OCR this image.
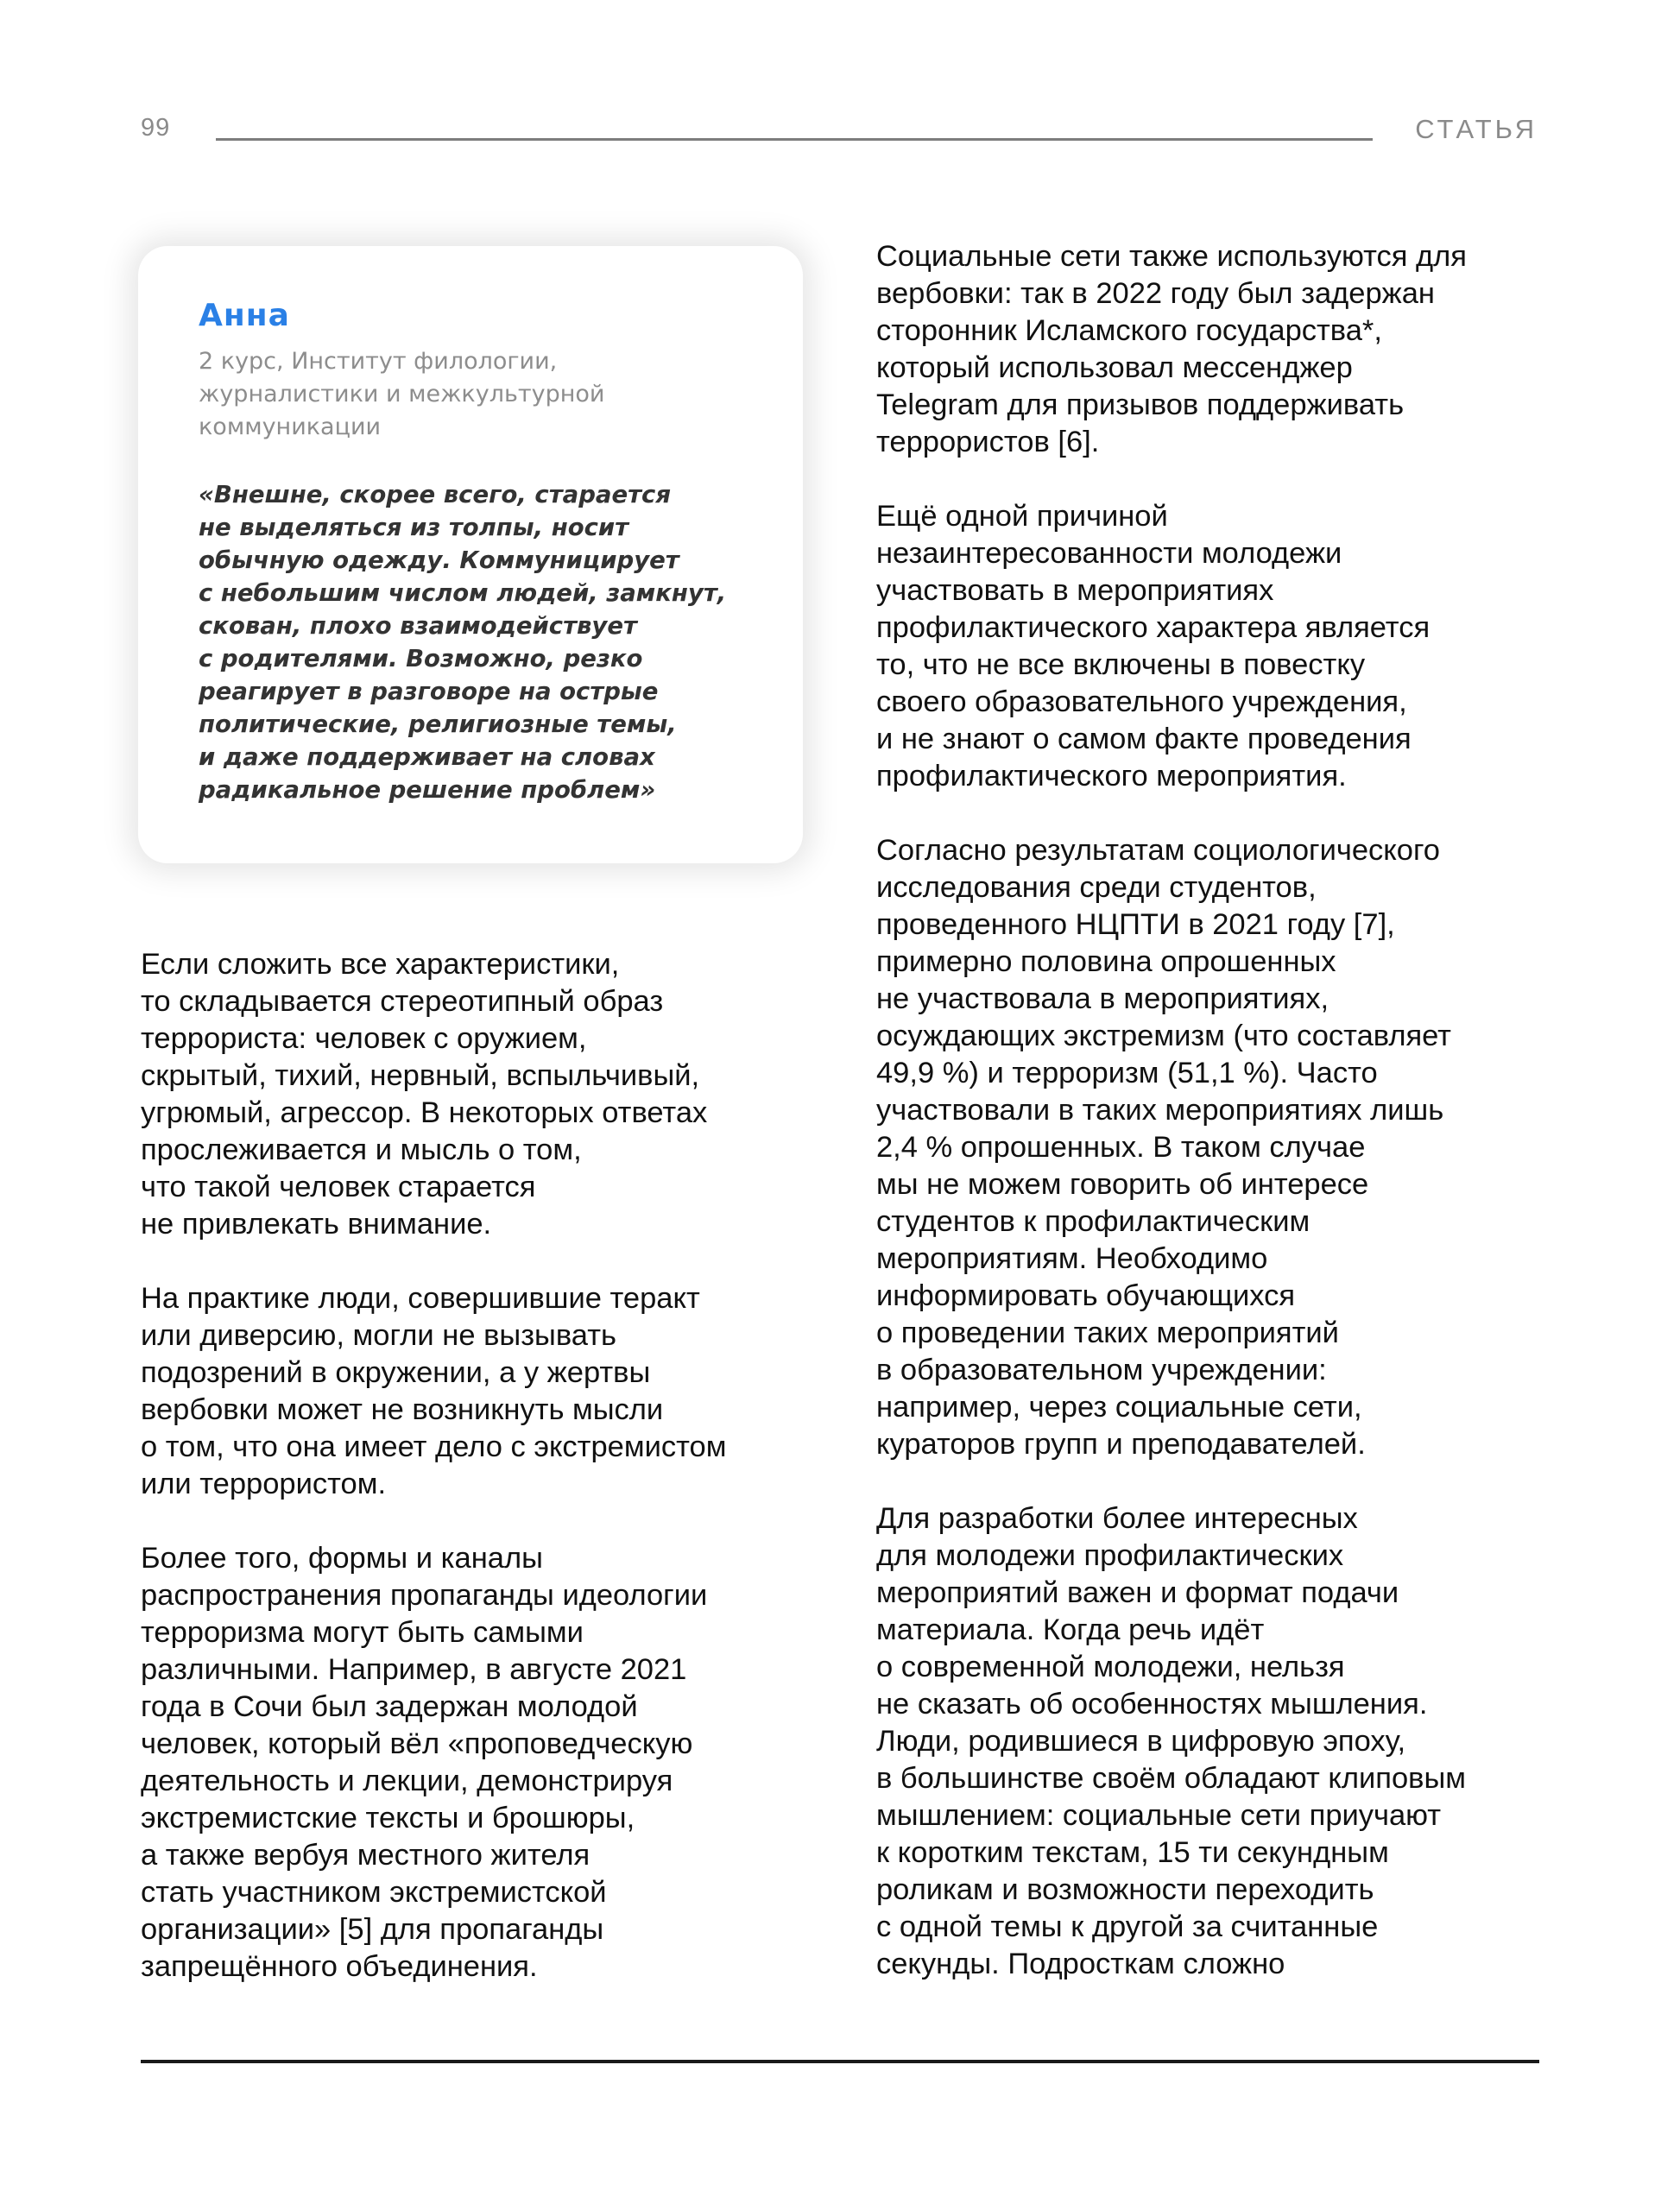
99	СТАТЬЯ
Анна
2 курс, Институт филологии,
журналистики и межкультурной
коммуникации
«Внешне, скорее всего, старается
не выделяться из толпы, носит
обычную одежду. Коммуницирует
с небольшим числом людей, замкнут,
скован, плохо взаимодействует
с родителями. Возможно, резко
реагирует в разговоре на острые
политические, религиозные темы,
и даже поддерживает на словах
радикальное решение проблем»

Если сложить все характеристики,
то складывается стереотипный образ
террориста: человек с оружием,
скрытый, тихий, нервный, вспыльчивый,
угрюмый, агрессор. В некоторых ответах
прослеживается и мысль о том,
что такой человек старается
не привлекать внимание.

На практике люди, совершившие теракт
или диверсию, могли не вызывать
подозрений в окружении, а у жертвы
вербовки может не возникнуть мысли
о том, что она имеет дело с экстремистом
или террористом.

Более того, формы и каналы
распространения пропаганды идеологии
терроризма могут быть самыми
различными. Например, в августе 2021
года в Сочи был задержан молодой
человек, который вёл «проповедческую
деятельность и лекции, демонстрируя
экстремистские тексты и брошюры,
а также вербуя местного жителя
стать участником экстремистской
организации» [5] для пропаганды
запрещённого объединения.

Социальные сети также используются для
вербовки: так в 2022 году был задержан
сторонник Исламского государства*,
который использовал мессенджер
Telegram для призывов поддерживать
террористов [6].

Ещё одной причиной
незаинтересованности молодежи
участвовать в мероприятиях
профилактического характера является
то, что не все включены в повестку
своего образовательного учреждения,
и не знают о самом факте проведения
профилактического мероприятия.

Согласно результатам социологического
исследования среди студентов,
проведенного НЦПТИ в 2021 году [7],
примерно половина опрошенных
не участвовала в мероприятиях,
осуждающих экстремизм (что составляет
49,9 %) и терроризм (51,1 %). Часто
участвовали в таких мероприятиях лишь
2,4 % опрошенных. В таком случае
мы не можем говорить об интересе
студентов к профилактическим
мероприятиям. Необходимо
информировать обучающихся
о проведении таких мероприятий
в образовательном учреждении:
например, через социальные сети,
кураторов групп и преподавателей.

Для разработки более интересных
для молодежи профилактических
мероприятий важен и формат подачи
материала. Когда речь идёт
о современной молодежи, нельзя
не сказать об особенностях мышления.
Люди, родившиеся в цифровую эпоху,
в большинстве своём обладают клиповым
мышлением: социальные сети приучают
к коротким текстам, 15 ти секундным
роликам и возможности переходить
с одной темы к другой за считанные
секунды. Подросткам сложно
